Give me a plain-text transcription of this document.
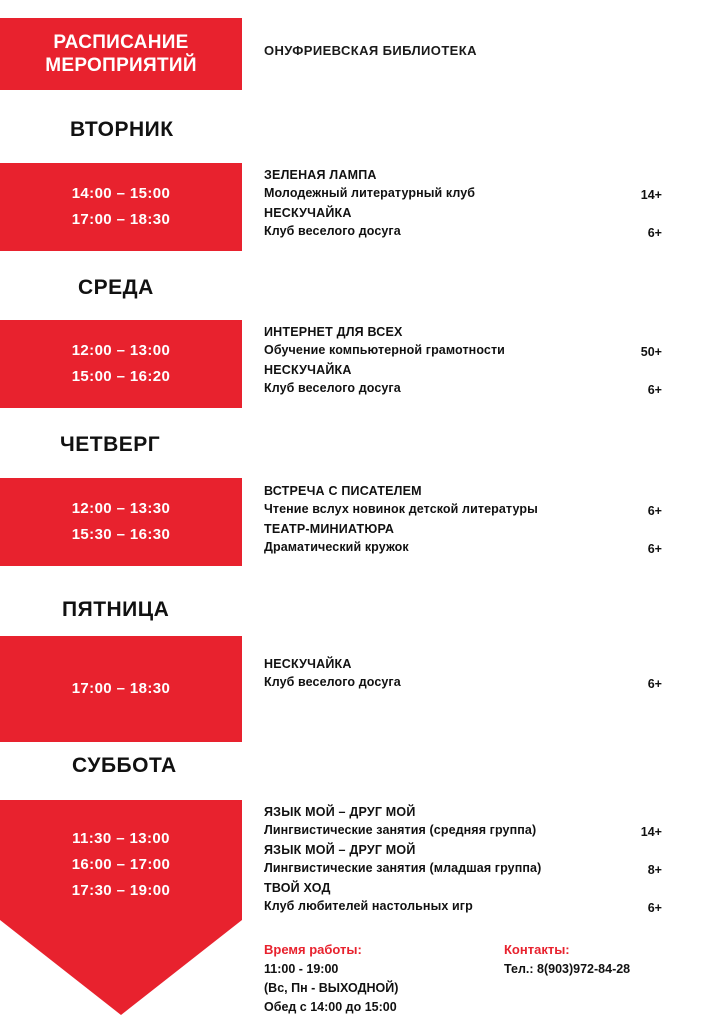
РАСПИСАНИЕ
МЕРОПРИЯТИЙ
ОНУФРИЕВСКАЯ БИБЛИОТЕКА
ВТОРНИК
14:00 – 15:00
17:00 – 18:30
ЗЕЛЕНАЯ ЛАМПА
Молодежный литературный клуб	14+
НЕСКУЧАЙКА
Клуб веселого досуга	6+
СРЕДА
12:00 – 13:00
15:00 – 16:20
ИНТЕРНЕТ ДЛЯ ВСЕХ
Обучение компьютерной грамотности	50+
НЕСКУЧАЙКА
Клуб веселого досуга	6+
ЧЕТВЕРГ
12:00 – 13:30
15:30 – 16:30
ВСТРЕЧА С ПИСАТЕЛЕМ
Чтение вслух новинок детской литературы	6+
ТЕАТР-МИНИАТЮРА
Драматический кружок	6+
ПЯТНИЦА
17:00 – 18:30
НЕСКУЧАЙКА
Клуб веселого досуга	6+
СУББОТА
11:30 – 13:00
16:00 – 17:00
17:30 – 19:00
ЯЗЫК МОЙ – ДРУГ МОЙ
Лингвистические занятия (средняя группа)	14+
ЯЗЫК МОЙ – ДРУГ МОЙ
Лингвистические занятия (младшая группа)	8+
ТВОЙ ХОД
Клуб любителей настольных игр	6+
Время работы:
11:00 - 19:00
(Вс, Пн - ВЫХОДНОЙ)
Обед с 14:00 до 15:00
Контакты:
Тел.: 8(903)972-84-28
